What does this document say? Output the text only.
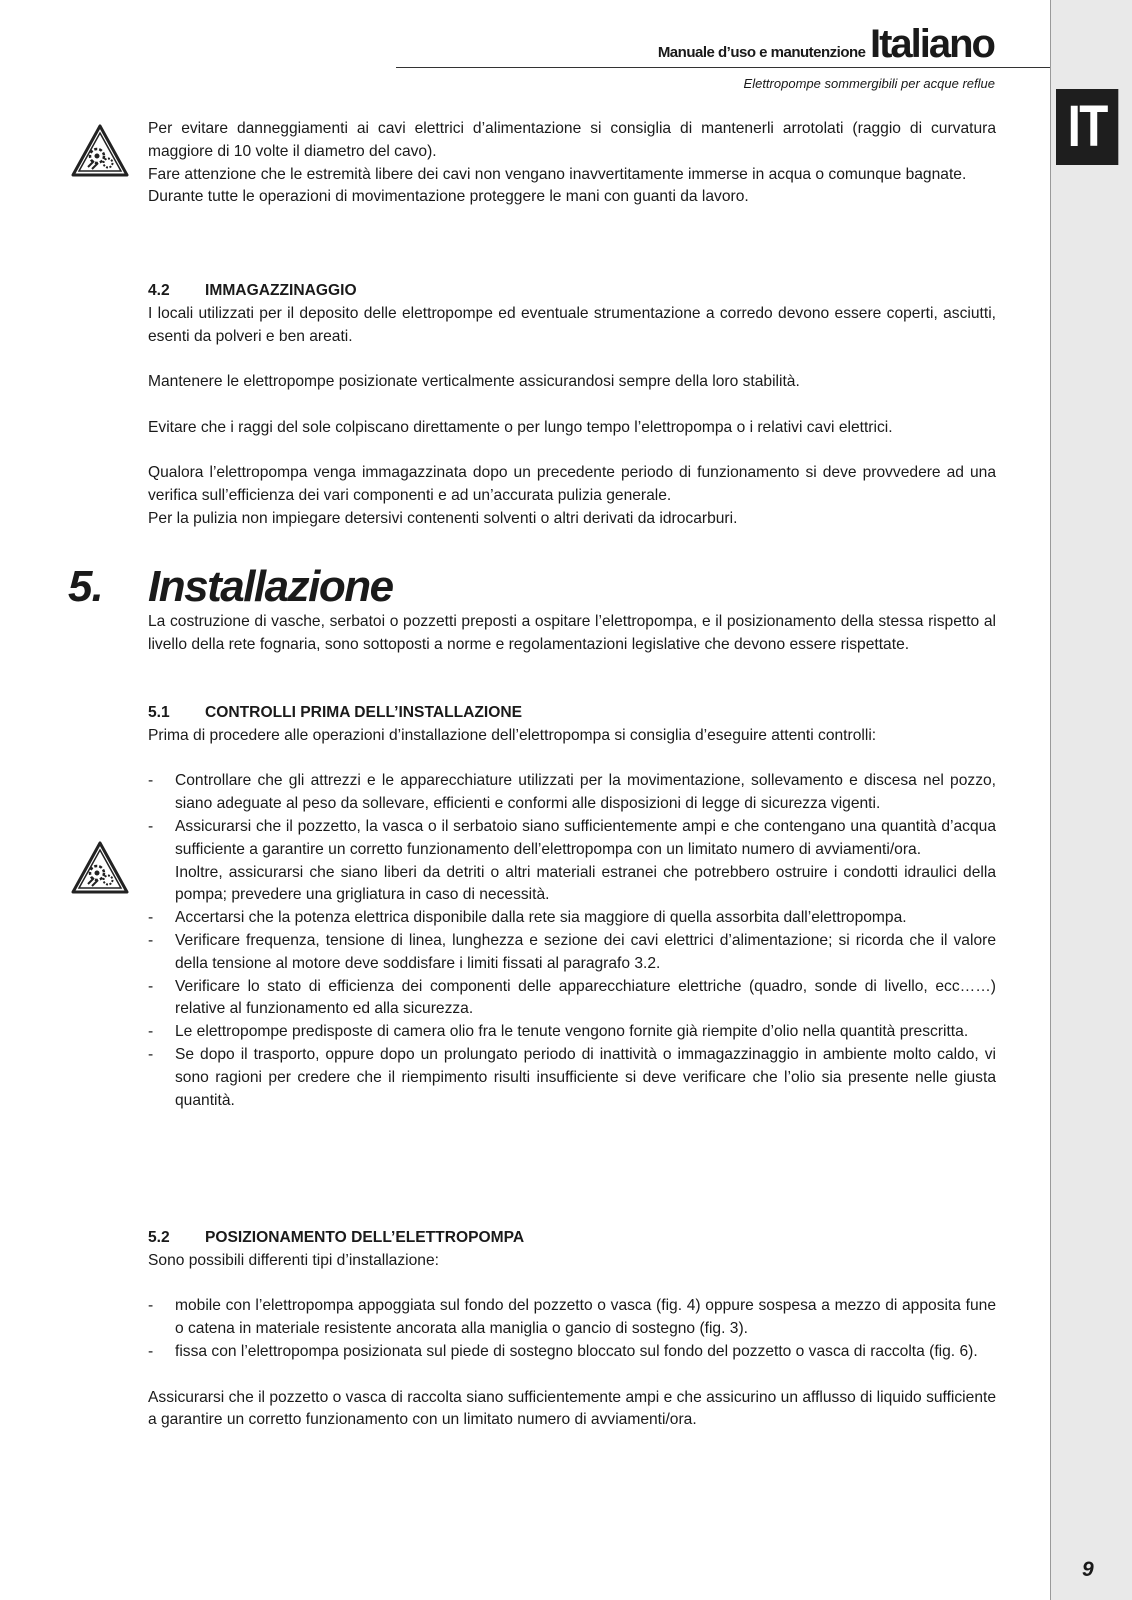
IT
9
Manuale d’uso e manutenzione Italiano
Elettropompe sommergibili per acque reflue

Per evitare danneggiamenti ai cavi elettrici d’alimentazione si consiglia di mantenerli arrotolati (raggio di curvatura maggiore di 10 volte il diametro del cavo).

Fare attenzione che le estremità libere dei cavi non vengano inavvertitamente immerse in acqua o comunque bagnate.

Durante tutte le operazioni di movimentazione proteggere le mani con guanti da lavoro.

4.2 IMMAGAZZINAGGIO

I locali utilizzati per il deposito delle elettropompe ed eventuale strumentazione a corredo devono essere coperti, asciutti, esenti da polveri e ben areati.

Mantenere le elettropompe posizionate verticalmente assicurandosi sempre della loro stabilità.

Evitare che i raggi del sole colpiscano direttamente o per lungo tempo l’elettropompa o i relativi cavi elettrici.

Qualora l’elettropompa venga immagazzinata dopo un precedente periodo di funzionamento si deve provvedere ad una verifica sull’efficienza dei vari componenti e ad un’accurata pulizia generale.

Per la pulizia non impiegare detersivi contenenti solventi o altri derivati da idrocarburi.

5. Installazione

La costruzione di vasche, serbatoi o pozzetti preposti a ospitare l’elettropompa, e il posizionamento della stessa rispetto al livello della rete fognaria, sono sottoposti a norme e regolamentazioni legislative che devono essere rispettate.

5.1 CONTROLLI PRIMA DELL’INSTALLAZIONE

Prima di procedere alle operazioni d’installazione dell’elettropompa si consiglia d’eseguire attenti controlli:

- Controllare che gli attrezzi e le apparecchiature utilizzati per la movimentazione, sollevamento e discesa nel pozzo, siano adeguate al peso da sollevare, efficienti e conformi alle disposizioni di legge di sicurezza vigenti.

- Assicurarsi che il pozzetto, la vasca o il serbatoio siano sufficientemente ampi e che contengano una quantità d’acqua sufficiente a garantire un corretto funzionamento dell’elettropompa con un limitato numero di avviamenti/ora.

Inoltre, assicurarsi che siano liberi da detriti o altri materiali estranei che potrebbero ostruire i condotti idraulici della pompa; prevedere una grigliatura in caso di necessità.

- Accertarsi che la potenza elettrica disponibile dalla rete sia maggiore di quella assorbita dall’elettropompa.

- Verificare frequenza, tensione di linea, lunghezza e sezione dei cavi elettrici d’alimentazione; si ricorda che il valore della tensione al motore deve soddisfare i limiti fissati al paragrafo 3.2.

- Verificare lo stato di efficienza dei componenti delle apparecchiature elettriche (quadro, sonde di livello, ecc……) relative al funzionamento ed alla sicurezza.

- Le elettropompe predisposte di camera olio fra le tenute vengono fornite già riempite d’olio nella quantità prescritta.

- Se dopo il trasporto, oppure dopo un prolungato periodo di inattività o immagazzinaggio in ambiente molto caldo, vi sono ragioni per credere che il riempimento risulti insufficiente si deve verificare che l’olio sia presente nelle giusta quantità.

5.2 POSIZIONAMENTO DELL’ELETTROPOMPA

Sono possibili differenti tipi d’installazione:

- mobile con l’elettropompa appoggiata sul fondo del pozzetto o vasca (fig. 4) oppure sospesa a mezzo di apposita fune o catena in materiale resistente ancorata alla maniglia o gancio di sostegno (fig. 3).

- fissa con l’elettropompa posizionata sul piede di sostegno bloccato sul fondo del pozzetto o vasca di raccolta (fig. 6).

Assicurarsi che il pozzetto o vasca di raccolta siano sufficientemente ampi e che assicurino un afflusso di liquido sufficiente a garantire un corretto funzionamento con un limitato numero di avviamenti/ora.
